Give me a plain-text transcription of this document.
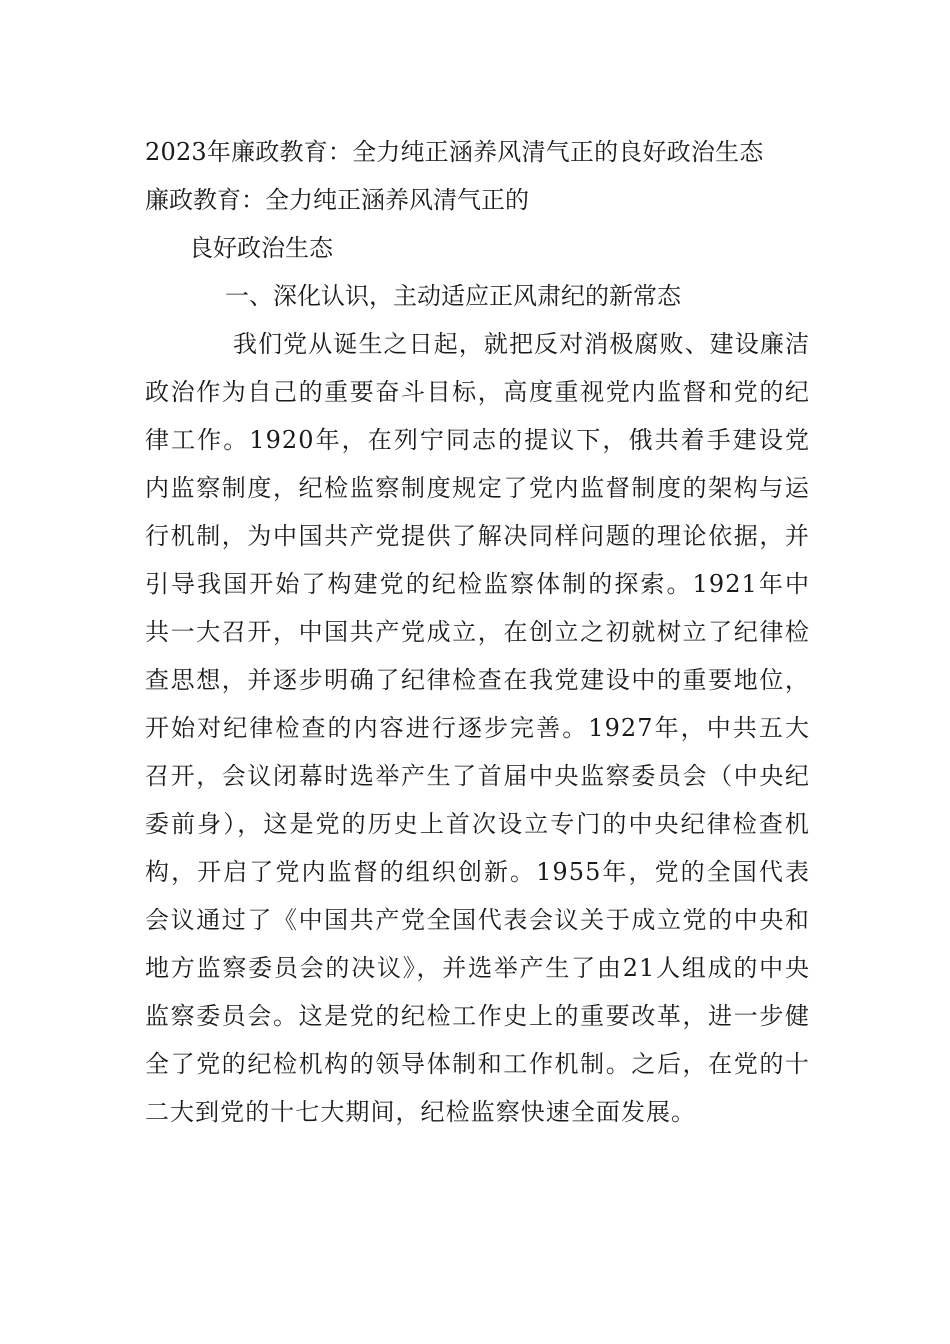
2023年廉政教育：全力纯正涵养风清气正的良好政治生态
廉政教育：全力纯正涵养风清气正的
良好政治生态
一、深化认识，主动适应正风肃纪的新常态
我们党从诞生之日起，就把反对消极腐败、建设廉洁政治作为自己的重要奋斗目标，高度重视党内监督和党的纪律工作。1920年，在列宁同志的提议下，俄共着手建设党内监察制度，纪检监察制度规定了党内监督制度的架构与运行机制，为中国共产党提供了解决同样问题的理论依据，并引导我国开始了构建党的纪检监察体制的探索。1921年中共一大召开，中国共产党成立，在创立之初就树立了纪律检查思想，并逐步明确了纪律检查在我党建设中的重要地位，开始对纪律检查的内容进行逐步完善。1927年，中共五大召开，会议闭幕时选举产生了首届中央监察委员会（中央纪委前身），这是党的历史上首次设立专门的中央纪律检查机构，开启了党内监督的组织创新。1955年，党的全国代表会议通过了《中国共产党全国代表会议关于成立党的中央和地方监察委员会的决议》，并选举产生了由21人组成的中央监察委员会。这是党的纪检工作史上的重要改革，进一步健全了党的纪检机构的领导体制和工作机制。之后，在党的十二大到党的十七大期间，纪检监察快速全面发展。
